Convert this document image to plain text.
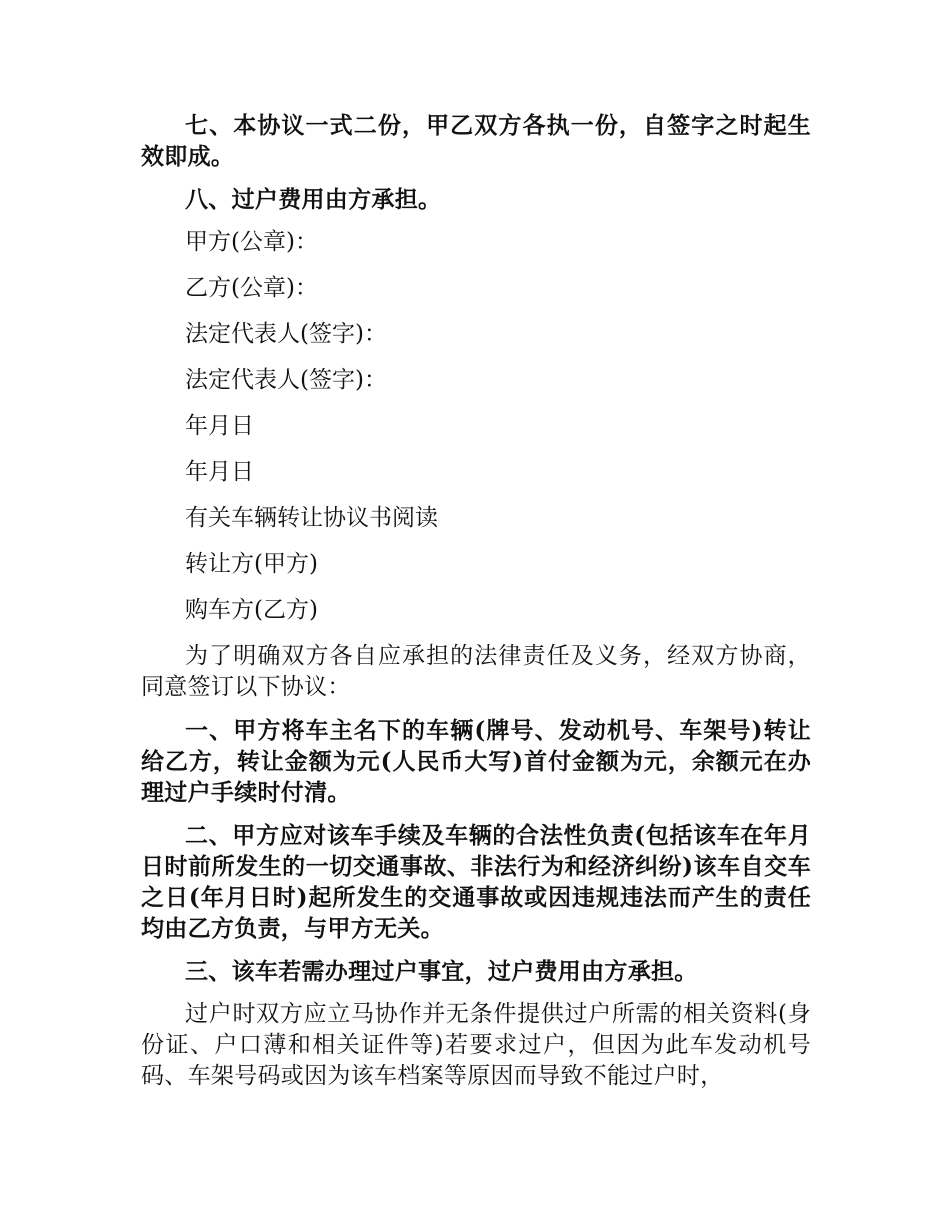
七、本协议一式二份，甲乙双方各执一份，自签字之时起生效即成。

八、过户费用由方承担。

甲方(公章)：

乙方(公章)：

法定代表人(签字)：

法定代表人(签字)：

年月日

年月日

有关车辆转让协议书阅读

转让方(甲方)

购车方(乙方)

为了明确双方各自应承担的法律责任及义务，经双方协商，同意签订以下协议：

一、甲方将车主名下的车辆(牌号、发动机号、车架号)转让给乙方，转让金额为元(人民币大写)首付金额为元，余额元在办理过户手续时付清。

二、甲方应对该车手续及车辆的合法性负责(包括该车在年月日时前所发生的一切交通事故、非法行为和经济纠纷)该车自交车之日(年月日时)起所发生的交通事故或因违规违法而产生的责任均由乙方负责，与甲方无关。

三、该车若需办理过户事宜，过户费用由方承担。

过户时双方应立马协作并无条件提供过户所需的相关资料(身份证、户口薄和相关证件等)若要求过户，但因为此车发动机号码、车架号码或因为该车档案等原因而导致不能过户时，
